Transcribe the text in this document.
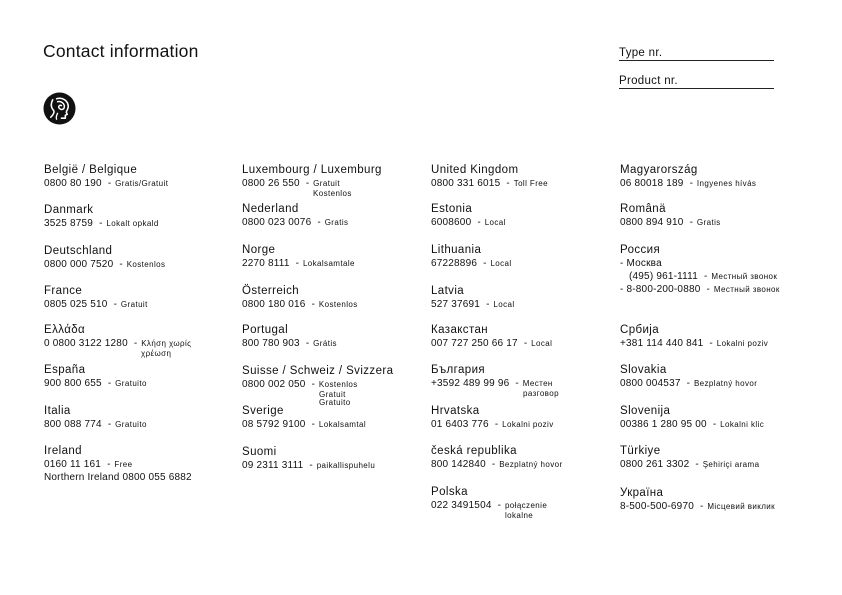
Contact information	Type nr.
Product nr.
België / Belgique
0800 80 190 - Gratis/Gratuit
Danmark
3525 8759 - Lokalt opkald
Deutschland
0800 000 7520 - Kostenlos
France
0805 025 510 - Gratuit
Ελλάδα
0 0800 3122 1280 - Κλήση χωρίς
χρέωση
España
900 800 655 - Gratuito
Italia
800 088 774 - Gratuito
Ireland
0160 11 161 - Free
Northern Ireland 0800 055 6882
Luxembourg / Luxemburg
0800 26 550 - Gratuit
Kostenlos
Nederland
0800 023 0076 - Gratis
Norge
2270 8111 - Lokalsamtale
Österreich
0800 180 016 - Kostenlos
Portugal
800 780 903 - Grátis
Suisse / Schweiz / Svizzera
0800 002 050 - Kostenlos
Gratuit
Gratuito
Sverige
08 5792 9100 - Lokalsamtal
Suomi
09 2311 3111 - paikallispuhelu
United Kingdom
0800 331 6015 - Toll Free
Estonia
6008600 - Local
Lithuania
67228896 - Local
Latvia
527 37691 - Local
Казакстан
007 727 250 66 17 - Local
България
+3592 489 99 96 - Местен
разговор
Hrvatska
01 6403 776 - Lokalni poziv
česká republika
800 142840 - Bezplatný hovor
Polska
022 3491504 - połączenie
lokalne
Magyarország
06 80018 189 - Ingyenes hívás
Românä
0800 894 910 - Gratis
Россия
- Москва
(495) 961-1111 - Местный звонок
- 8-800-200-0880 - Местный звонок
Србија
+381 114 440 841 - Lokalni poziv
Slovakia
0800 004537 - Bezplatný hovor
Slovenija
00386 1 280 95 00 - Lokalni klic
Türkiye
0800 261 3302 - Şehiriçi arama
Україна
8-500-500-6970 - Місцевий виклик
